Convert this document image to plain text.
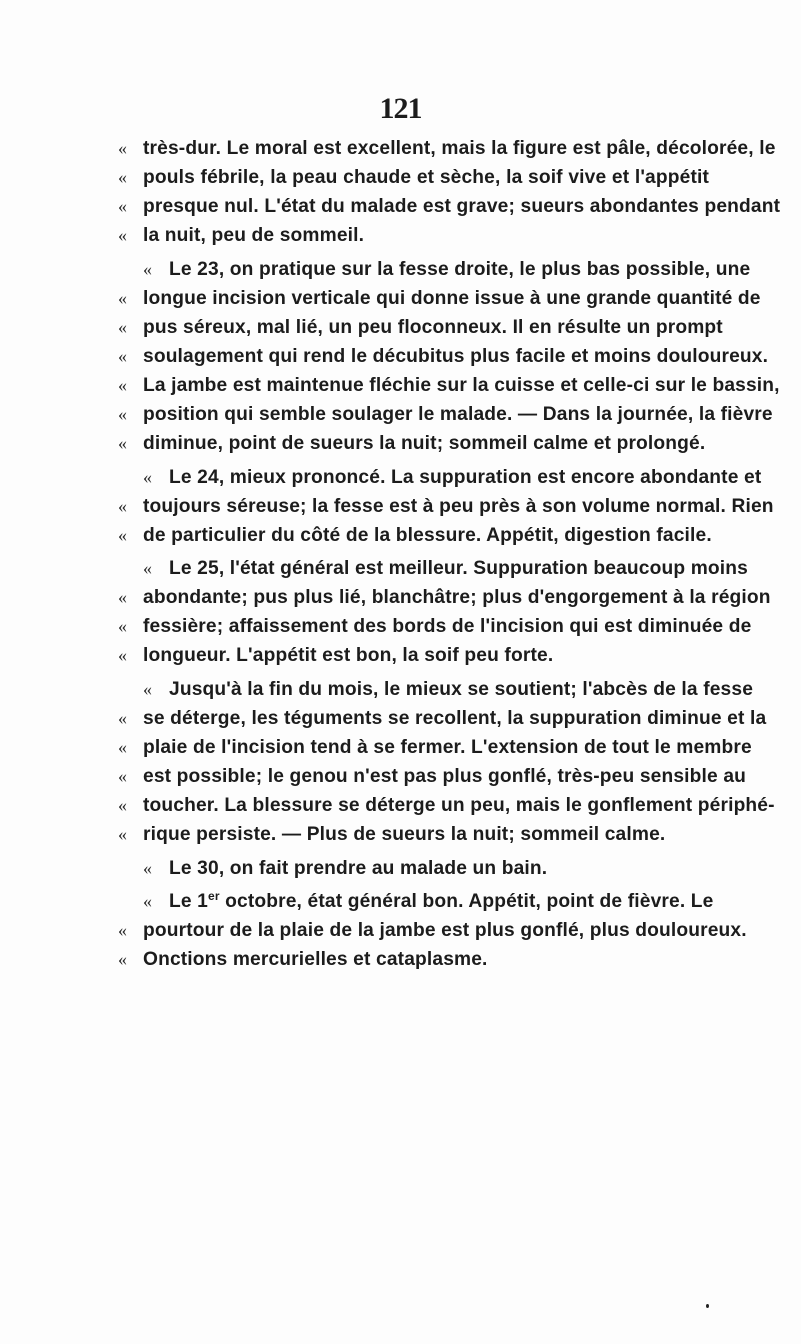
121
« très-dur. Le moral est excellent, mais la figure est pâle, décolorée, le
« pouls fébrile, la peau chaude et sèche, la soif vive et l'appétit
« presque nul. L'état du malade est grave; sueurs abondantes pendant
« la nuit, peu de sommeil.
« Le 23, on pratique sur la fesse droite, le plus bas possible, une
« longue incision verticale qui donne issue à une grande quantité de
« pus séreux, mal lié, un peu floconneux. Il en résulte un prompt
« soulagement qui rend le décubitus plus facile et moins douloureux.
« La jambe est maintenue fléchie sur la cuisse et celle-ci sur le bassin,
« position qui semble soulager le malade. — Dans la journée, la fièvre
« diminue, point de sueurs la nuit; sommeil calme et prolongé.
« Le 24, mieux prononcé. La suppuration est encore abondante et
« toujours séreuse; la fesse est à peu près à son volume normal. Rien
« de particulier du côté de la blessure. Appétit, digestion facile.
« Le 25, l'état général est meilleur. Suppuration beaucoup moins
« abondante; pus plus lié, blanchâtre; plus d'engorgement à la région
« fessière; affaissement des bords de l'incision qui est diminuée de
« longueur. L'appétit est bon, la soif peu forte.
« Jusqu'à la fin du mois, le mieux se soutient; l'abcès de la fesse
« se déterge, les téguments se recollent, la suppuration diminue et la
« plaie de l'incision tend à se fermer. L'extension de tout le membre
« est possible; le genou n'est pas plus gonflé, très-peu sensible au
« toucher. La blessure se déterge un peu, mais le gonflement périphé-
« rique persiste. — Plus de sueurs la nuit; sommeil calme.
« Le 30, on fait prendre au malade un bain.
« Le 1er octobre, état général bon. Appétit, point de fièvre. Le
« pourtour de la plaie de la jambe est plus gonflé, plus douloureux.
« Onctions mercurielles et cataplasme.
